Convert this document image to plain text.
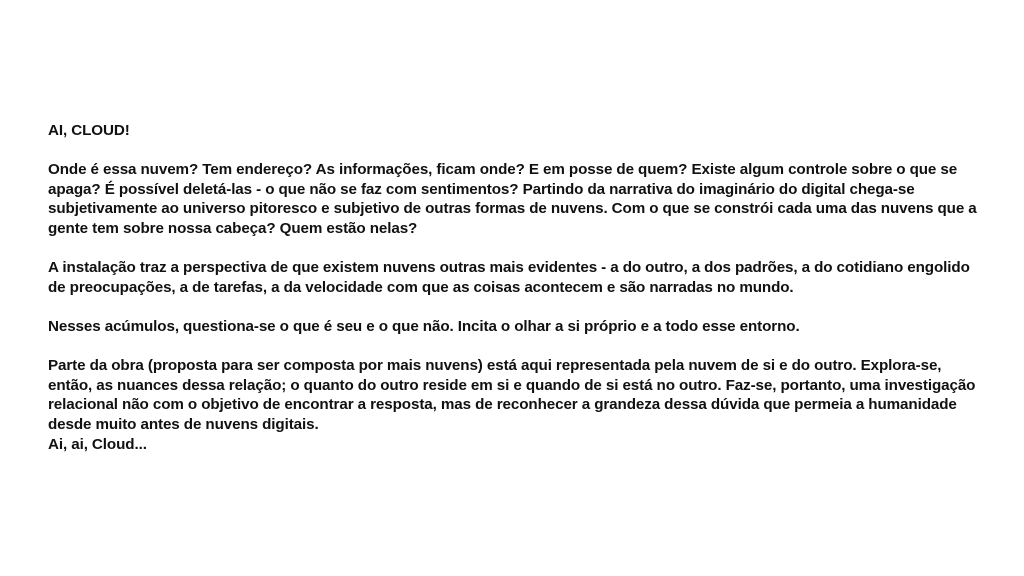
AI, CLOUD!

Onde é essa nuvem? Tem endereço? As informações, ficam onde? E em posse de quem? Existe algum controle sobre o que se apaga? É possível deletá-las - o que não se faz com sentimentos? Partindo da narrativa do imaginário do digital chega-se subjetivamente ao universo pitoresco e subjetivo de outras formas de nuvens. Com o que se constrói cada uma das nuvens que a gente tem sobre nossa cabeça? Quem estão nelas?

A instalação traz a perspectiva de que existem nuvens outras mais evidentes - a do outro, a dos padrões, a do cotidiano engolido de preocupações, a de tarefas, a da velocidade com que as coisas acontecem e são narradas no mundo.

Nesses acúmulos, questiona-se o que é seu e o que não. Incita o olhar a si próprio e a todo esse entorno.

Parte da obra (proposta para ser composta por mais nuvens) está aqui representada pela nuvem de si e do outro. Explora-se, então, as nuances dessa relação; o quanto do outro reside em si e quando de si está no outro. Faz-se, portanto, uma investigação relacional não com o objetivo de encontrar a resposta, mas de reconhecer a grandeza dessa dúvida que permeia a humanidade desde muito antes de nuvens digitais.

Ai, ai, Cloud...
